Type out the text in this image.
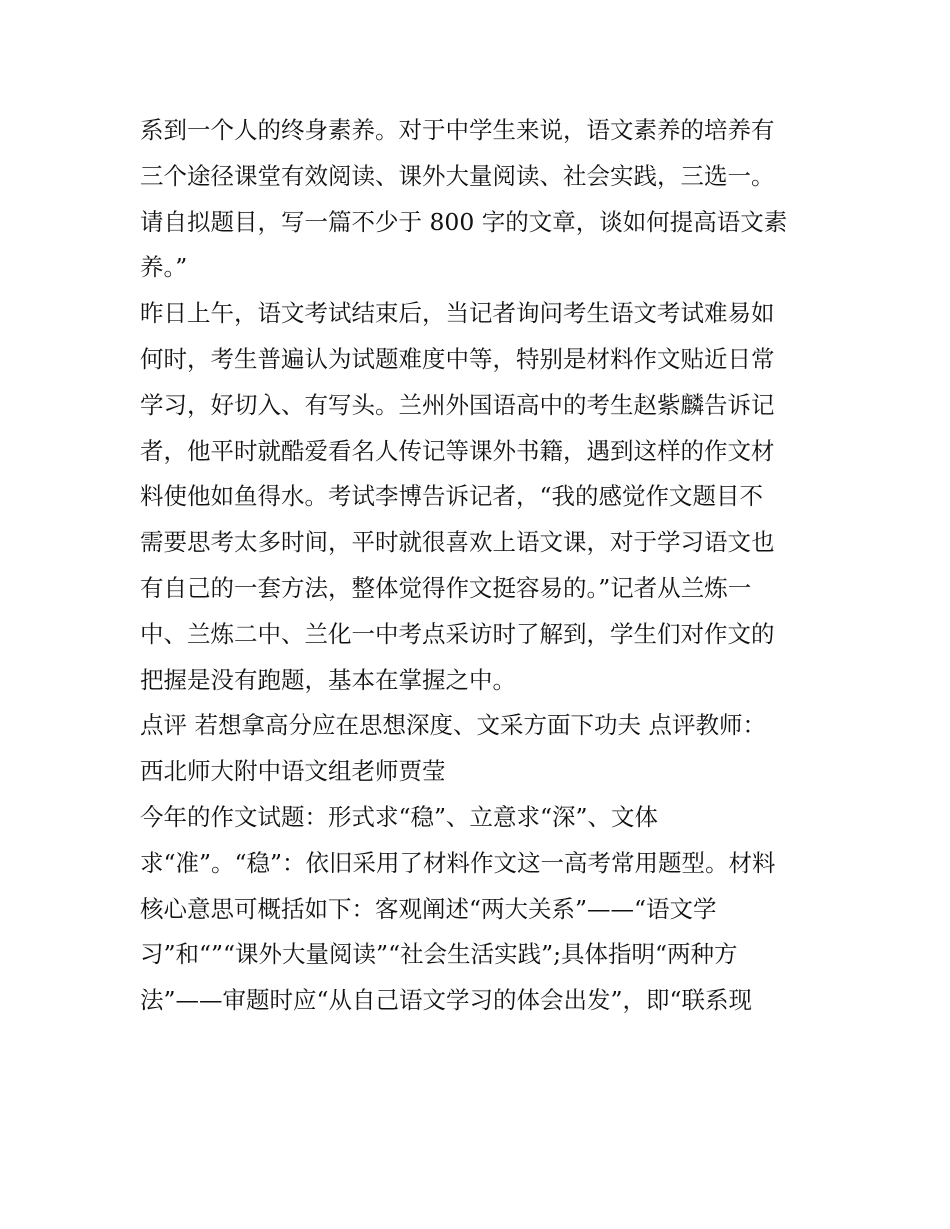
系到一个人的终身素养。对于中学生来说，语文素养的培养有
三个途径课堂有效阅读、课外大量阅读、社会实践，三选一。
请自拟题目，写一篇不少于 800 字的文章，谈如何提高语文素
养。”
昨日上午，语文考试结束后，当记者询问考生语文考试难易如
何时，考生普遍认为试题难度中等，特别是材料作文贴近日常
学习，好切入、有写头。兰州外国语高中的考生赵紫麟告诉记
者，他平时就酷爱看名人传记等课外书籍，遇到这样的作文材
料使他如鱼得水。考试李博告诉记者，“我的感觉作文题目不
需要思考太多时间，平时就很喜欢上语文课，对于学习语文也
有自己的一套方法，整体觉得作文挺容易的。”记者从兰炼一
中、兰炼二中、兰化一中考点采访时了解到，学生们对作文的
把握是没有跑题，基本在掌握之中。
点评 若想拿高分应在思想深度、文采方面下功夫 点评教师：
西北师大附中语文组老师贾莹
今年的作文试题：形式求“稳”、立意求“深”、文体
求“准”。“稳”：依旧采用了材料作文这一高考常用题型。材料
核心意思可概括如下：客观阐述“两大关系”——“语文学
习”和“”“课外大量阅读”“社会生活实践”;具体指明“两种方
法”——审题时应“从自己语文学习的体会出发”，即“联系现
